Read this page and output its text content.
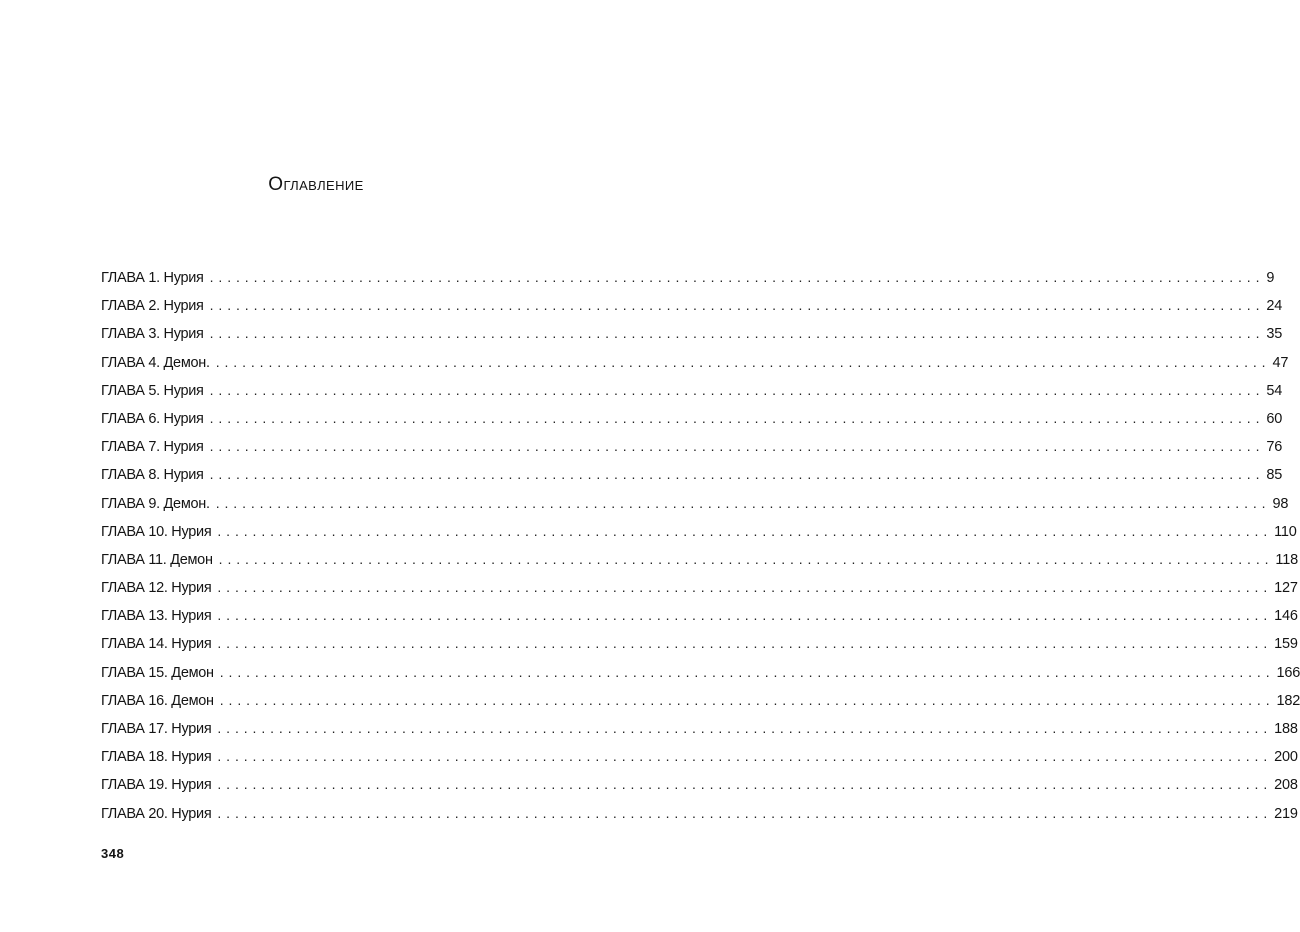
Оглавление
ГЛАВА 1. Нурия ........................................................................................................................ 9
ГЛАВА 2. Нурия ........................................................................................................................ 24
ГЛАВА 3. Нурия ........................................................................................................................ 35
ГЛАВА 4. Демон. ........................................................................................................................ 47
ГЛАВА 5. Нурия ........................................................................................................................ 54
ГЛАВА 6. Нурия ........................................................................................................................ 60
ГЛАВА 7. Нурия ........................................................................................................................ 76
ГЛАВА 8. Нурия ........................................................................................................................ 85
ГЛАВА 9. Демон. ........................................................................................................................ 98
ГЛАВА 10. Нурия ........................................................................................................................ 110
ГЛАВА 11. Демон ........................................................................................................................ 118
ГЛАВА 12. Нурия ........................................................................................................................ 127
ГЛАВА 13. Нурия ........................................................................................................................ 146
ГЛАВА 14. Нурия ........................................................................................................................ 159
ГЛАВА 15. Демон ........................................................................................................................ 166
ГЛАВА 16. Демон ........................................................................................................................ 182
ГЛАВА 17. Нурия ........................................................................................................................ 188
ГЛАВА 18. Нурия ........................................................................................................................ 200
ГЛАВА 19. Нурия ........................................................................................................................ 208
ГЛАВА 20. Нурия ........................................................................................................................ 219
348
